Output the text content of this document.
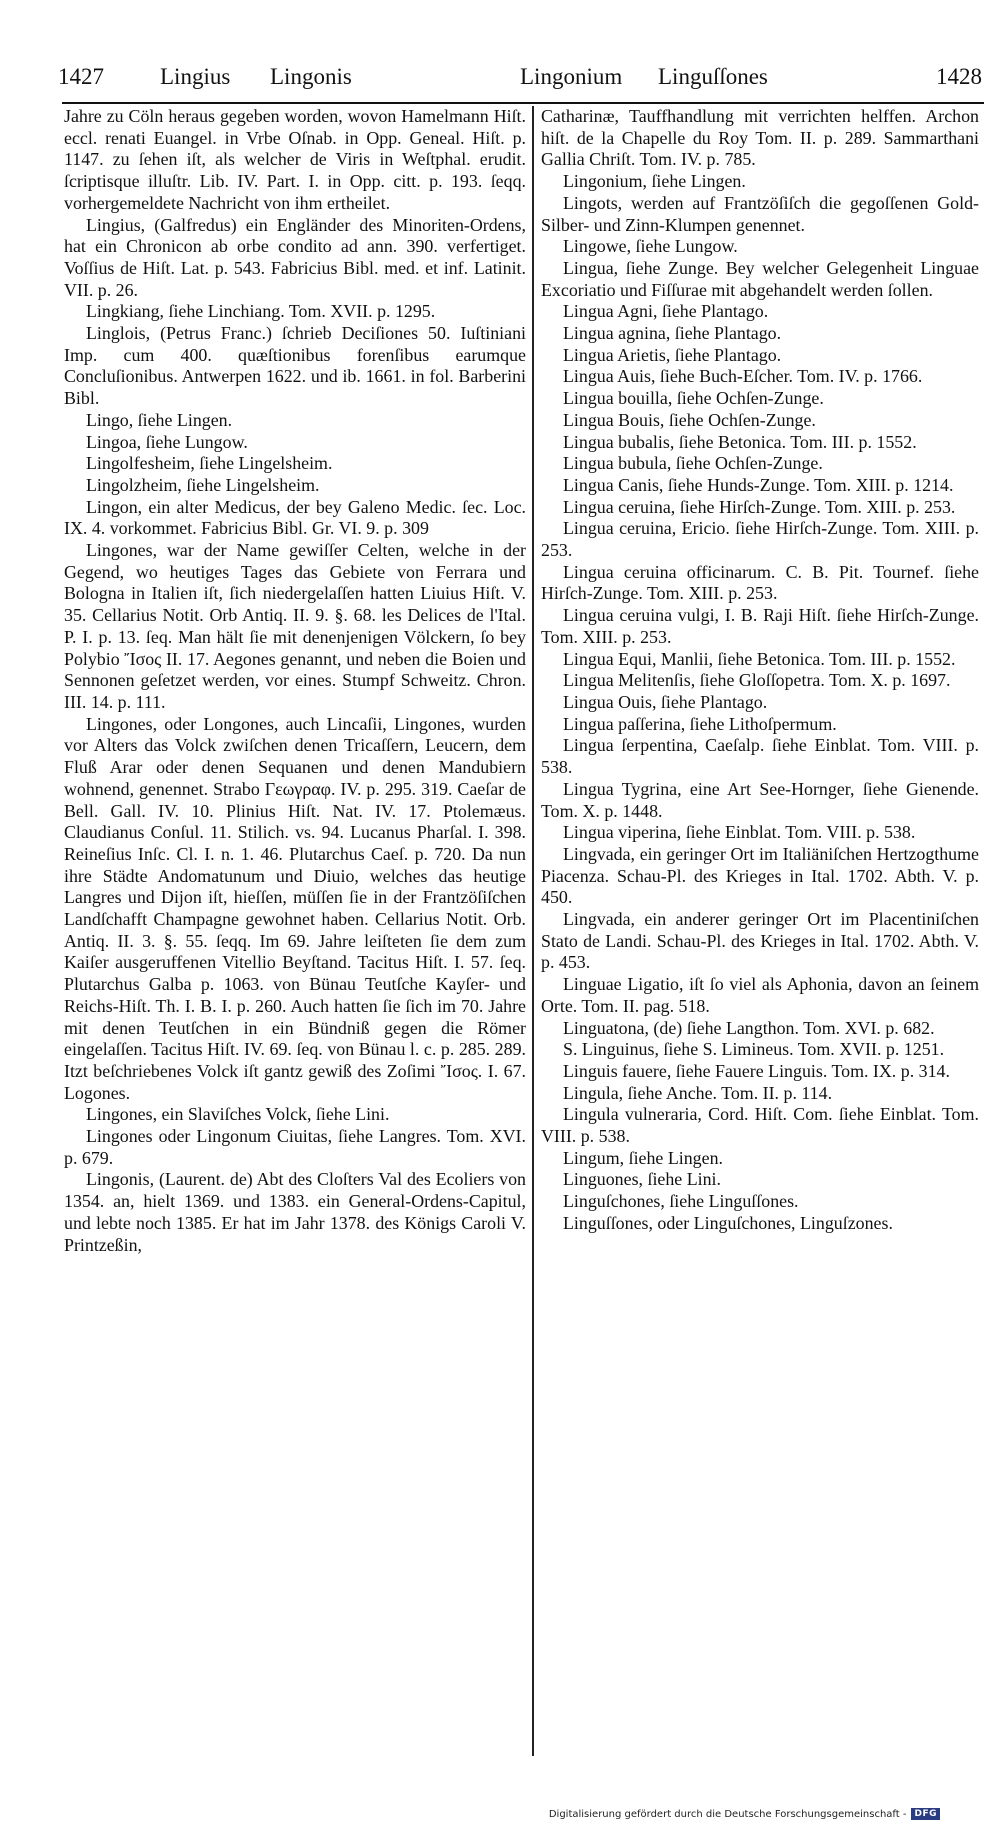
1427 Lingius Lingonis	Lingonium Linguſſones	1428

Jahre zu Cöln heraus gegeben worden, wovon Hamelmann Hiſt. eccl. renati Euangel. in Vrbe Oſnab. in Opp. Geneal. Hiſt. p. 1147. zu ſehen iſt, als welcher de Viris in Weſtphal. erudit. ſcriptisque illuſtr. Lib. IV. Part. I. in Opp. citt. p. 193. ſeqq. vorhergemeldete Nachricht von ihm ertheilet.

Lingius, (Galfredus) ein Engländer des Minoriten-Ordens, hat ein Chronicon ab orbe condito ad ann. 390. verfertiget. Voſſius de Hiſt. Lat. p. 543. Fabricius Bibl. med. et inf. Latinit. VII. p. 26.

Lingkiang, ſiehe Linchiang. Tom. XVII. p. 1295.

Linglois, (Petrus Franc.) ſchrieb Deciſiones 50. Iuſtiniani Imp. cum 400. quæſtionibus forenſibus earumque Concluſionibus. Antwerpen 1622. und ib. 1661. in fol. Barberini Bibl.

Lingo, ſiehe Lingen.

Lingoa, ſiehe Lungow.

Lingolfesheim, ſiehe Lingelsheim.

Lingolzheim, ſiehe Lingelsheim.

Lingon, ein alter Medicus, der bey Galeno Medic. ſec. Loc. IX. 4. vorkommet. Fabricius Bibl. Gr. VI. 9. p. 309

Lingones, war der Name gewiſſer Celten, welche in der Gegend, wo heutiges Tages das Gebiete von Ferrara und Bologna in Italien iſt, ſich niedergelaſſen hatten Liuius Hiſt. V. 35. Cellarius Notit. Orb Antiq. II. 9. §. 68. les Delices de l'Ital. P. I. p. 13. ſeq. Man hält ſie mit denenjenigen Völckern, ſo bey Polybio Ἴσος II. 17. Aegones genannt, und neben die Boien und Sennonen geſetzet werden, vor eines. Stumpf Schweitz. Chron. III. 14. p. 111.

Lingones, oder Longones, auch Lincaſii, Lingones, wurden vor Alters das Volck zwiſchen denen Tricaſſern, Leucern, dem Fluß Arar oder denen Sequanen und denen Mandubiern wohnend, genennet. Strabo Γεωγραφ. IV. p. 295. 319. Caeſar de Bell. Gall. IV. 10. Plinius Hiſt. Nat. IV. 17. Ptolemæus. Claudianus Conſul. 11. Stilich. vs. 94. Lucanus Pharſal. I. 398. Reineſius Inſc. Cl. I. n. 1. 46. Plutarchus Caeſ. p. 720. Da nun ihre Städte Andomatunum und Diuio, welches das heutige Langres und Dijon iſt, hieſſen, müſſen ſie in der Frantzöſiſchen Landſchafft Champagne gewohnet haben. Cellarius Notit. Orb. Antiq. II. 3. §. 55. ſeqq. Im 69. Jahre leiſteten ſie dem zum Kaiſer ausgeruffenen Vitellio Beyſtand. Tacitus Hiſt. I. 57. ſeq. Plutarchus Galba p. 1063. von Bünau Teutſche Kayſer- und Reichs-Hiſt. Th. I. B. I. p. 260. Auch hatten ſie ſich im 70. Jahre mit denen Teutſchen in ein Bündniß gegen die Römer eingelaſſen. Tacitus Hiſt. IV. 69. ſeq. von Bünau l. c. p. 285. 289. Itzt beſchriebenes Volck iſt gantz gewiß des Zoſimi Ἴσος. I. 67. Logones.

Lingones, ein Slaviſches Volck, ſiehe Lini.

Lingones oder Lingonum Ciuitas, ſiehe Langres. Tom. XVI. p. 679.

Lingonis, (Laurent. de) Abt des Cloſters Val des Ecoliers von 1354. an, hielt 1369. und 1383. ein General-Ordens-Capitul, und lebte noch 1385. Er hat im Jahr 1378. des Königs Caroli V. Printzeßin,

Catharinæ, Tauffhandlung mit verrichten helffen. Archon hiſt. de la Chapelle du Roy Tom. II. p. 289. Sammarthani Gallia Chriſt. Tom. IV. p. 785.

Lingonium, ſiehe Lingen.

Lingots, werden auf Frantzöſiſch die gegoſſenen Gold- Silber- und Zinn-Klumpen genennet.

Lingowe, ſiehe Lungow.

Lingua, ſiehe Zunge. Bey welcher Gelegenheit Linguae Excoriatio und Fiſſurae mit abgehandelt werden ſollen.

Lingua Agni, ſiehe Plantago.

Lingua agnina, ſiehe Plantago.

Lingua Arietis, ſiehe Plantago.

Lingua Auis, ſiehe Buch-Eſcher. Tom. IV. p. 1766.

Lingua bouilla, ſiehe Ochſen-Zunge.

Lingua Bouis, ſiehe Ochſen-Zunge.

Lingua bubalis, ſiehe Betonica. Tom. III. p. 1552.

Lingua bubula, ſiehe Ochſen-Zunge.

Lingua Canis, ſiehe Hunds-Zunge. Tom. XIII. p. 1214.

Lingua ceruina, ſiehe Hirſch-Zunge. Tom. XIII. p. 253.

Lingua ceruina, Ericio. ſiehe Hirſch-Zunge. Tom. XIII. p. 253.

Lingua ceruina officinarum. C. B. Pit. Tournef. ſiehe Hirſch-Zunge. Tom. XIII. p. 253.

Lingua ceruina vulgi, I. B. Raji Hiſt. ſiehe Hirſch-Zunge. Tom. XIII. p. 253.

Lingua Equi, Manlii, ſiehe Betonica. Tom. III. p. 1552.

Lingua Melitenſis, ſiehe Gloſſopetra. Tom. X. p. 1697.

Lingua Ouis, ſiehe Plantago.

Lingua paſſerina, ſiehe Lithoſpermum.

Lingua ſerpentina, Caeſalp. ſiehe Einblat. Tom. VIII. p. 538.

Lingua Tygrina, eine Art See-Hornger, ſiehe Gienende. Tom. X. p. 1448.

Lingua viperina, ſiehe Einblat. Tom. VIII. p. 538.

Lingvada, ein geringer Ort im Italiäniſchen Hertzogthume Piacenza. Schau-Pl. des Krieges in Ital. 1702. Abth. V. p. 450.

Lingvada, ein anderer geringer Ort im Placentiniſchen Stato de Landi. Schau-Pl. des Krieges in Ital. 1702. Abth. V. p. 453.

Linguae Ligatio, iſt ſo viel als Aphonia, davon an ſeinem Orte. Tom. II. pag. 518.

Linguatona, (de) ſiehe Langthon. Tom. XVI. p. 682.

S. Linguinus, ſiehe S. Limineus. Tom. XVII. p. 1251.

Linguis fauere, ſiehe Fauere Linguis. Tom. IX. p. 314.

Lingula, ſiehe Anche. Tom. II. p. 114.

Lingula vulneraria, Cord. Hiſt. Com. ſiehe Einblat. Tom. VIII. p. 538.

Lingum, ſiehe Lingen.

Linguones, ſiehe Lini.

Linguſchones, ſiehe Linguſſones.

Linguſſones, oder Linguſchones, Linguſzones.

Digitalisierung gefördert durch die Deutsche Forschungsgemeinschaft - DFG
